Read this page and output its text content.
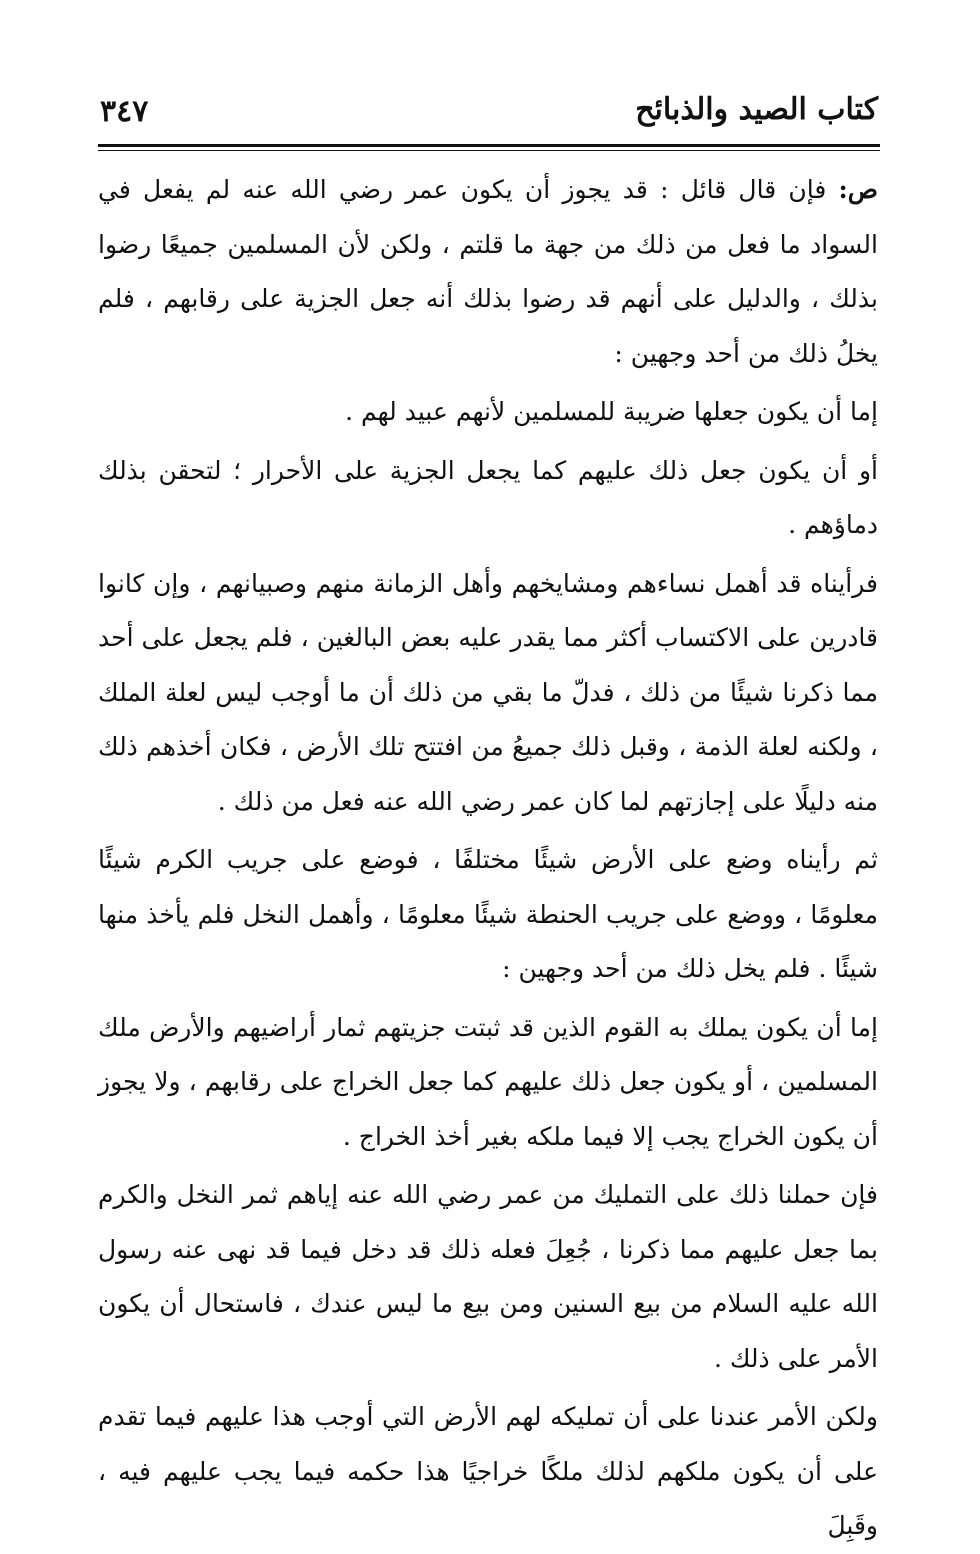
كتاب الصيد والذبائح
٣٤٧

ص: فإن قال قائل : قد يجوز أن يكون عمر رضي الله عنه لم يفعل في السواد ما فعل من ذلك من جهة ما قلتم ، ولكن لأن المسلمين جميعًا رضوا بذلك ، والدليل على أنهم قد رضوا بذلك أنه جعل الجزية على رقابهم ، فلم يخلُ ذلك من أحد وجهين :

إما أن يكون جعلها ضريبة للمسلمين لأنهم عبيد لهم .

أو أن يكون جعل ذلك عليهم كما يجعل الجزية على الأحرار ؛ لتحقن بذلك دماؤهم .

فرأيناه قد أهمل نساءهم ومشايخهم وأهل الزمانة منهم وصبيانهم ، وإن كانوا قادرين على الاكتساب أكثر مما يقدر عليه بعض البالغين ، فلم يجعل على أحد مما ذكرنا شيئًا من ذلك ، فدلّ ما بقي من ذلك أن ما أوجب ليس لعلة الملك ، ولكنه لعلة الذمة ، وقبل ذلك جميعُ من افتتح تلك الأرض ، فكان أخذهم ذلك منه دليلًا على إجازتهم لما كان عمر رضي الله عنه فعل من ذلك .

ثم رأيناه وضع على الأرض شيئًا مختلفًا ، فوضع على جريب الكرم شيئًا معلومًا ، ووضع على جريب الحنطة شيئًا معلومًا ، وأهمل النخل فلم يأخذ منها شيئًا . فلم يخل ذلك من أحد وجهين :

إما أن يكون يملك به القوم الذين قد ثبتت جزيتهم ثمار أراضيهم والأرض ملك المسلمين ، أو يكون جعل ذلك عليهم كما جعل الخراج على رقابهم ، ولا يجوز أن يكون الخراج يجب إلا فيما ملكه بغير أخذ الخراج .

فإن حملنا ذلك على التمليك من عمر رضي الله عنه إياهم ثمر النخل والكرم بما جعل عليهم مما ذكرنا ، جُعِلَ فعله ذلك قد دخل فيما قد نهى عنه رسول الله عليه السلام من بيع السنين ومن بيع ما ليس عندك ، فاستحال أن يكون الأمر على ذلك .

ولكن الأمر عندنا على أن تمليكه لهم الأرض التي أوجب هذا عليهم فيما تقدم على أن يكون ملكهم لذلك ملكًا خراجيًا هذا حكمه فيما يجب عليهم فيه ، وقَبِلَ
